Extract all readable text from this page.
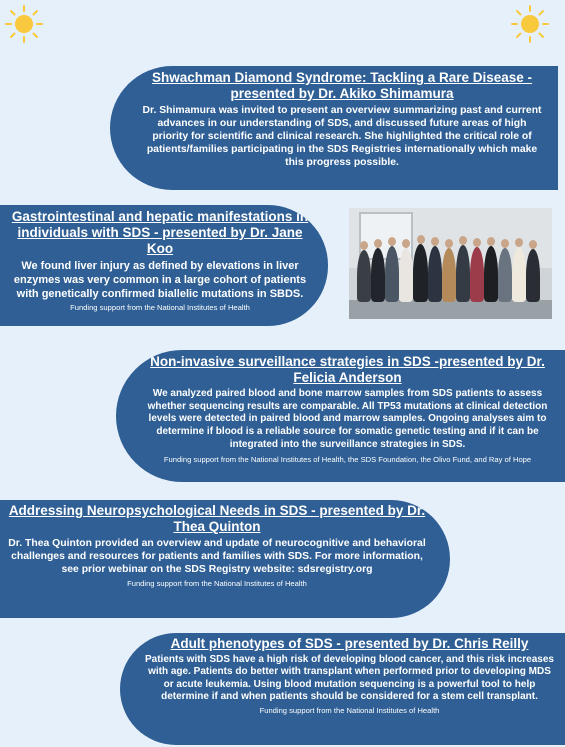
Shwachman Diamond Syndrome: Tackling a Rare Disease - presented by Dr. Akiko Shimamura
Dr. Shimamura was invited to present an overview summarizing past and current advances in our understanding of SDS, and discussed future areas of high priority for scientific and clinical research. She highlighted the critical role of patients/families participating in the SDS Registries internationally which make this progress possible.
Gastrointestinal and hepatic manifestations in individuals with SDS - presented by Dr. Jane Koo
We found liver injury as defined by elevations in liver enzymes was very common in a large cohort of patients with genetically confirmed biallelic mutations in SBDS.
Funding support from the National Institutes of Health
Non-invasive surveillance strategies in SDS -presented by Dr. Felicia Anderson
We analyzed paired blood and bone marrow samples from SDS patients to assess whether sequencing results are comparable. All TP53 mutations at clinical detection levels were detected in paired blood and marrow samples. Ongoing analyses aim to determine if blood is a reliable source for somatic genetic testing and if it can be integrated into the surveillance strategies in SDS.
Funding support from the National Institutes of Health, the SDS Foundation, the Olivo Fund, and Ray of Hope
Addressing Neuropsychological Needs in SDS - presented by Dr. Thea Quinton
Dr. Thea Quinton provided an overview and update of neurocognitive and behavioral challenges and resources for patients and families with SDS. For more information, see prior webinar on the SDS Registry website: sdsregistry.org
Funding support from the National Institutes of Health
Adult phenotypes of SDS - presented by Dr. Chris Reilly
Patients with SDS have a high risk of developing blood cancer, and this risk increases with age. Patients do better with transplant when performed prior to developing MDS or acute leukemia. Using blood mutation sequencing is a powerful tool to help determine if and when patients should be considered for a stem cell transplant.
Funding support from the National Institutes of Health
